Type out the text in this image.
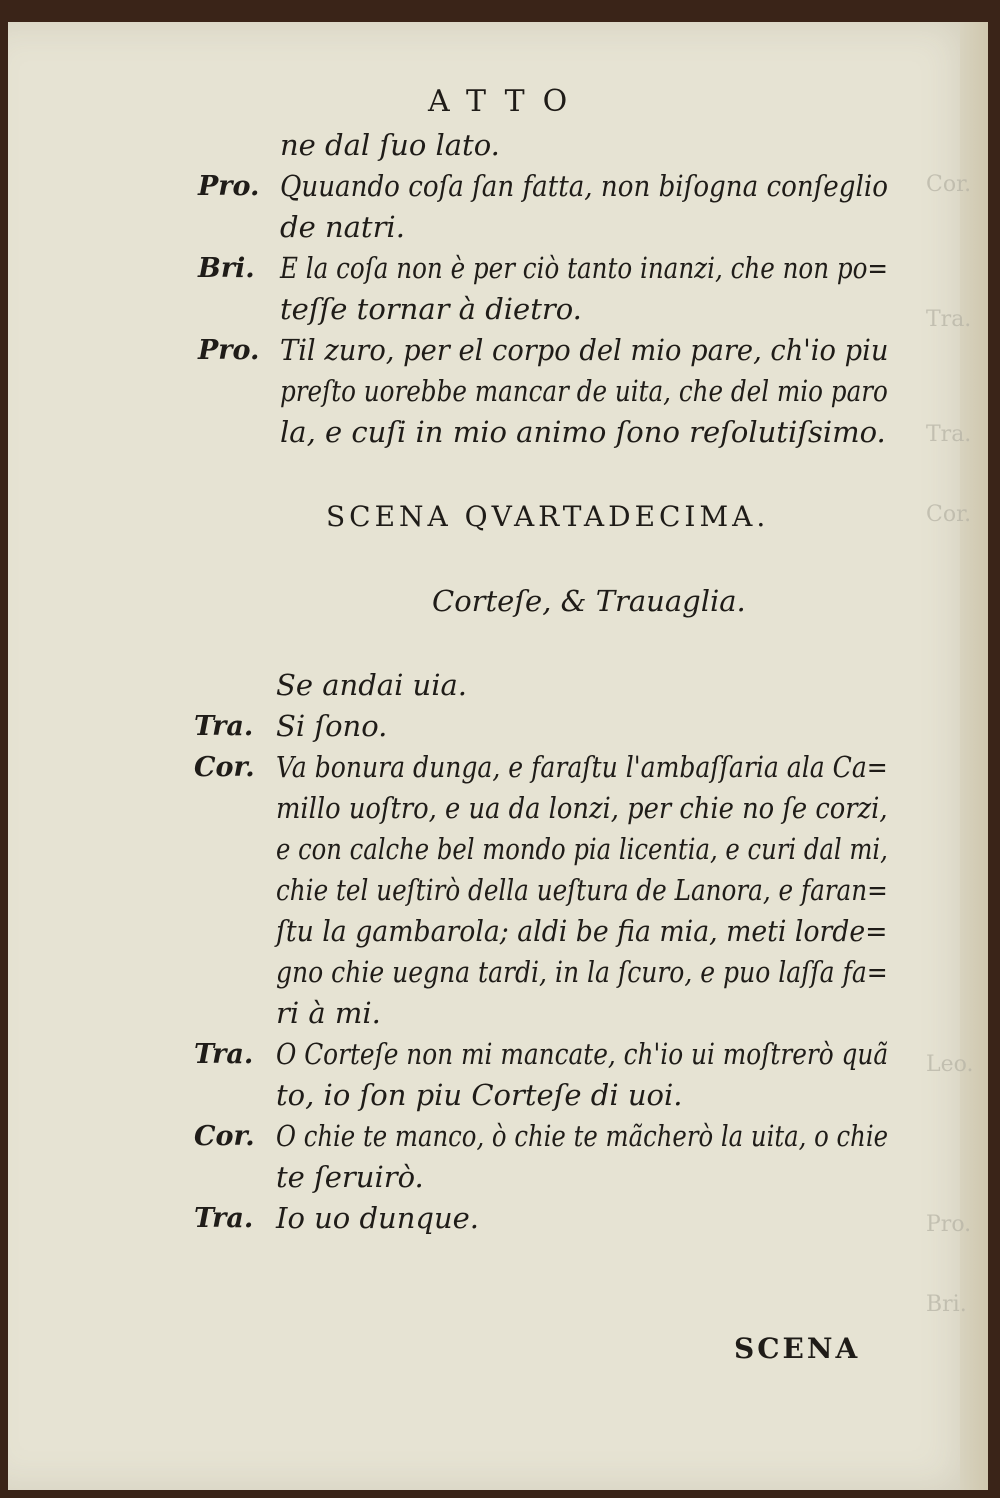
Cor.
Tra.
Tra.
Cor.
Leo.
Pro.
Bri.
ATTO
ne dal ſuo lato.
Pro. Quuando coſa ſan fatta, non biſogna conſeglio
de natri.
Bri. E la coſa non è per ciò tanto inanzi, che non po=
teſſe tornar à dietro.
Pro. Til zuro, per el corpo del mio pare, ch'io piu
preſto uorebbe mancar de uita, che del mio paro
la, e cuſi in mio animo ſono reſolutiſsimo.
SCENA QVARTADECIMA.
Corteſe, & Trauaglia.
Se andai uia.
Tra. Si ſono.
Cor. Va bonura dunga, e faraſtu l'ambaſſaria ala Ca=
millo uoſtro, e ua da lonzi, per chie no ſe corzi,
e con calche bel mondo pia licentia, e curi dal mi,
chie tel ueſtirò della ueſtura de Lanora, e faran=
ſtu la gambarola; aldi be fia mia, meti lorde=
gno chie uegna tardi, in la ſcuro, e puo laſſa fa=
ri à mi.
Tra. O Corteſe non mi mancate, ch'io ui moſtrerò quã
to, io ſon piu Corteſe di uoi.
Cor. O chie te manco, ò chie te mãcherò la uita, o chie
te ſeruirò.
Tra. Io uo dunque.
SCENA
